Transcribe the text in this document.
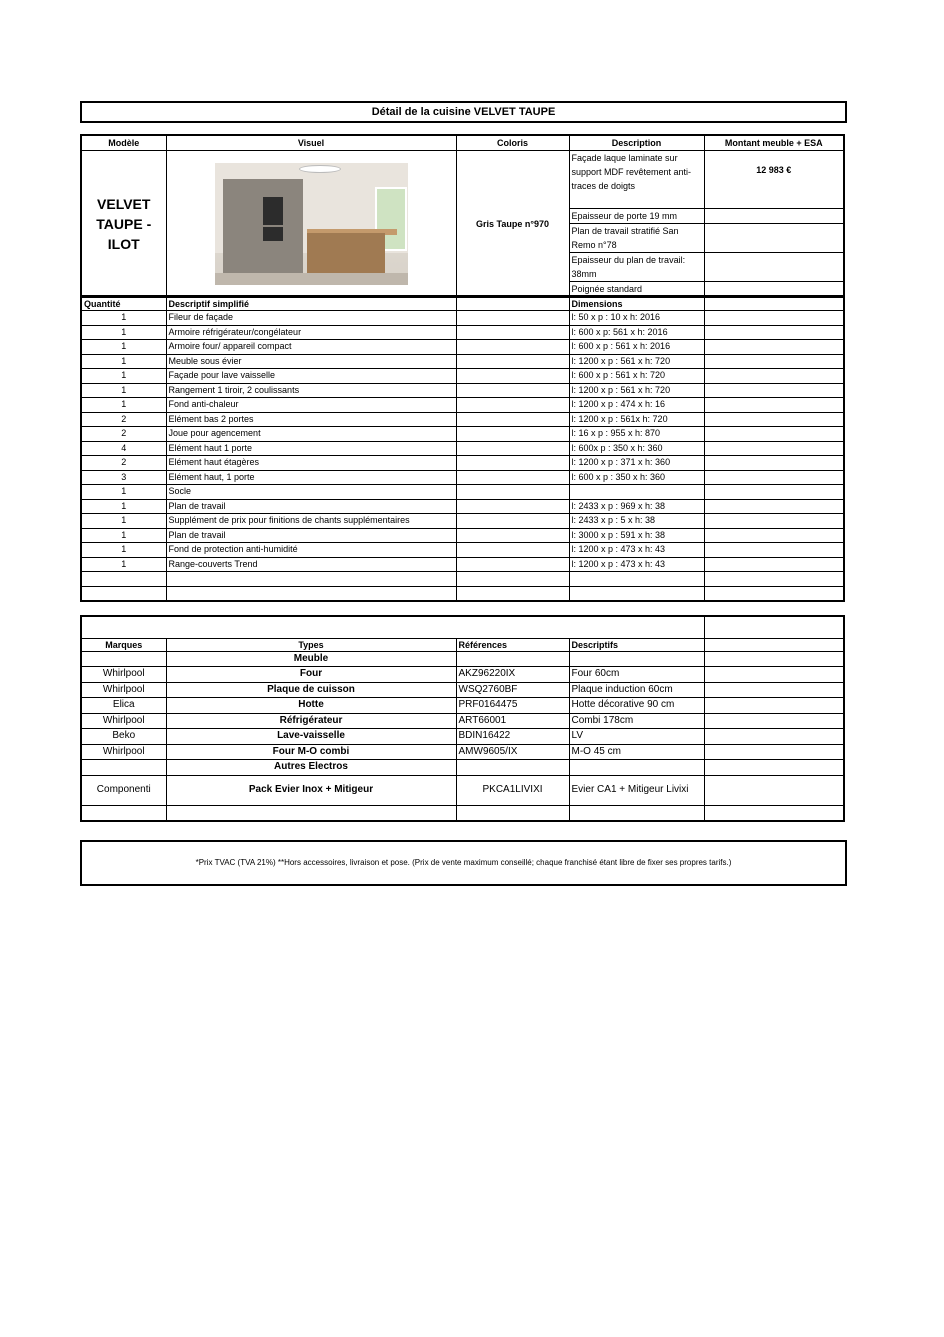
Détail de la cuisine VELVET TAUPE
Modèle	Visuel	Coloris	Description	Montant meuble + ESA
VELVET TAUPE - ILOT		Gris Taupe n°970	Façade laque laminate sur support MDF revêtement anti-traces de doigts	12 983 €
			Epaisseur de porte 19 mm	
			Plan de travail stratifié San Remo n°78	
			Epaisseur du plan de travail: 38mm	
			Poignée standard	
Quantité	Descriptif simplifié		Dimensions	
1	Fileur de façade		l: 50 x p : 10 x h: 2016	
1	Armoire réfrigérateur/congélateur		l: 600 x p: 561 x h: 2016	
1	Armoire four/ appareil compact		l: 600 x p : 561 x h: 2016	
1	Meuble sous évier		l: 1200 x p : 561 x h: 720	
1	Façade pour lave vaisselle		l: 600 x p : 561 x h: 720	
1	Rangement 1 tiroir, 2 coulissants		l: 1200 x p : 561 x h: 720	
1	Fond anti-chaleur		l: 1200 x p : 474 x h: 16	
2	Elément bas 2 portes		l: 1200 x p : 561x h: 720	
2	Joue pour agencement		l: 16 x p : 955 x h: 870	
4	Elément haut 1 porte		l: 600x p : 350 x h: 360	
2	Elément haut étagères		l: 1200 x p : 371 x h: 360	
3	Elément haut, 1 porte		l: 600 x p : 350 x h: 360	
1	Socle			
1	Plan de travail		l: 2433 x p : 969 x h: 38	
1	Supplément de prix pour finitions de chants supplémentaires		l: 2433 x p : 5 x h: 38	
1	Plan de travail		l: 3000 x p : 591 x h: 38	
1	Fond de protection anti-humidité		l: 1200 x p : 473 x h: 43	
1	Range-couverts Trend		l: 1200 x p : 473 x h: 43	

Marques	Types	Références	Descriptifs	
	Meuble			
Whirlpool	Four	AKZ96220IX	Four 60cm	
Whirlpool	Plaque de cuisson	WSQ2760BF	Plaque induction 60cm	
Elica	Hotte	PRF0164475	Hotte décorative 90 cm	
Whirlpool	Réfrigérateur	ART66001	Combi 178cm	
Beko	Lave-vaisselle	BDIN16422	LV	
Whirlpool	Four M-O combi	AMW9605/IX	M-O 45 cm	
	Autres Electros			
Componenti	Pack Evier Inox + Mitigeur	PKCA1LIVIXI	Evier CA1 + Mitigeur Livixi	

*Prix TVAC (TVA 21%) **Hors accessoires, livraison et pose. (Prix de vente maximum conseillé; chaque franchisé étant libre de fixer ses propres tarifs.)
